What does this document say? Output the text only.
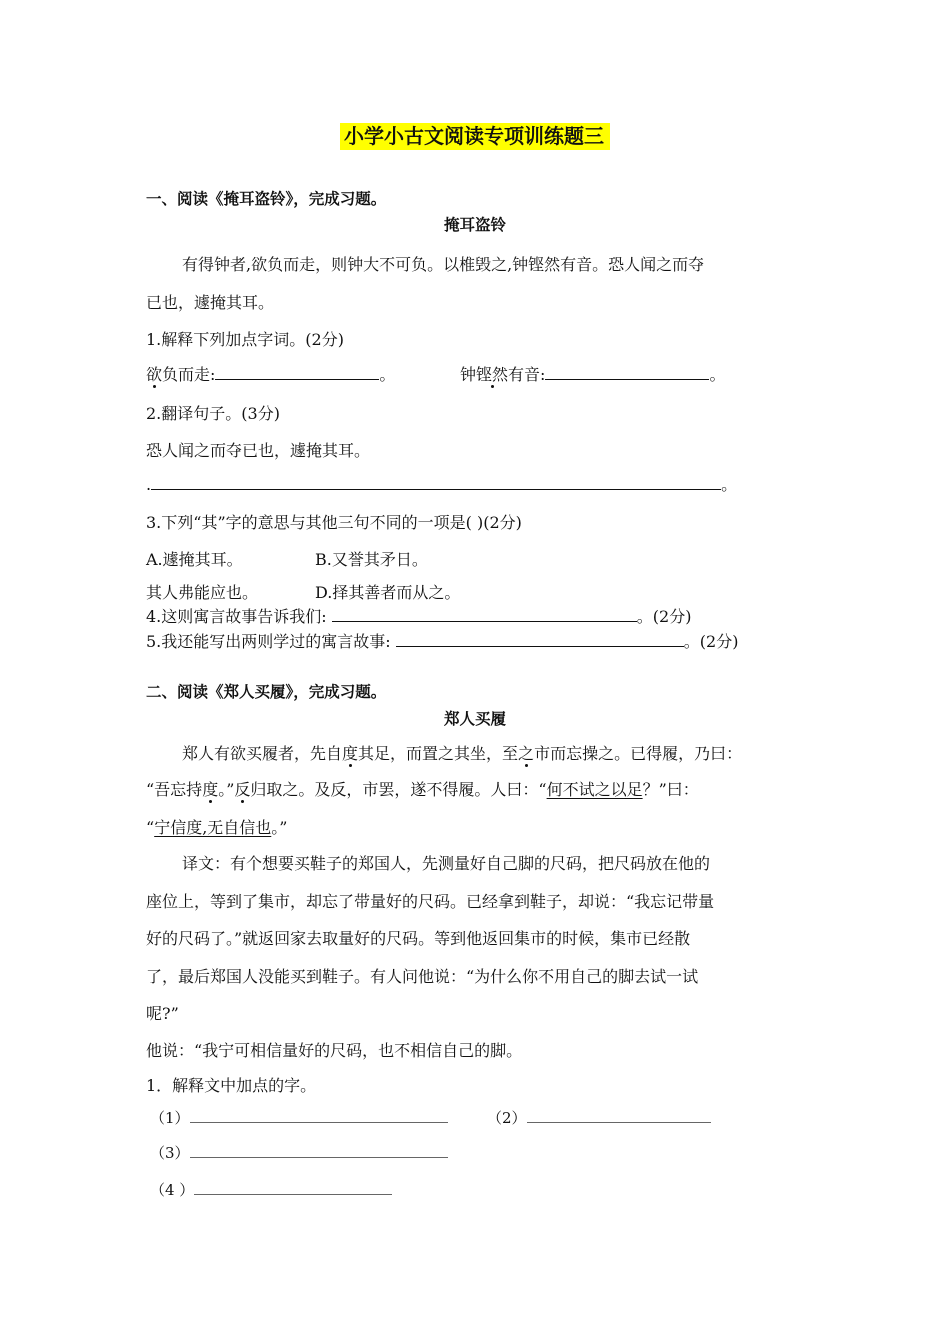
小学小古文阅读专项训练题三
一、阅读《掩耳盗铃》，完成习题。
掩耳盗铃
有得钟者,欲负而走，则钟大不可负。以椎毁之,钟铿然有音。恐人闻之而夺
已也，遽掩其耳。
1.解释下列加点字词。(2分)
欲负而走:	。	钟铿然有音:	。
2.翻译句子。(3分)
恐人闻之而夺已也，遽掩其耳。
.	。
3.下列“其”字的意思与其他三句不同的一项是( )(2分)
A.遽掩其耳。	B.又誉其矛日。
其人弗能应也。	D.择其善者而从之。
4.这则寓言故事告诉我们:	。(2分)
5.我还能写出两则学过的寓言故事:	。(2分)
二、阅读《郑人买履》，完成习题。
郑人买履
郑人有欲买履者，先自度其足，而置之其坐，至之市而忘操之。已得履，乃曰：
“吾忘持度。”反归取之。及反，市罢，遂不得履。人曰：“何不试之以足？”曰：
“宁信度,无自信也。”
译文：有个想要买鞋子的郑国人，先测量好自己脚的尺码，把尺码放在他的
座位上，等到了集市，却忘了带量好的尺码。已经拿到鞋子，却说：“我忘记带量
好的尺码了。”就返回家去取量好的尺码。等到他返回集市的时候，集市已经散
了，最后郑国人没能买到鞋子。有人问他说：“为什么你不用自己的脚去试一试
呢?”
他说：“我宁可相信量好的尺码，也不相信自己的脚。
1．解释文中加点的字。
（1）	（2）
（3）
（4 ）
